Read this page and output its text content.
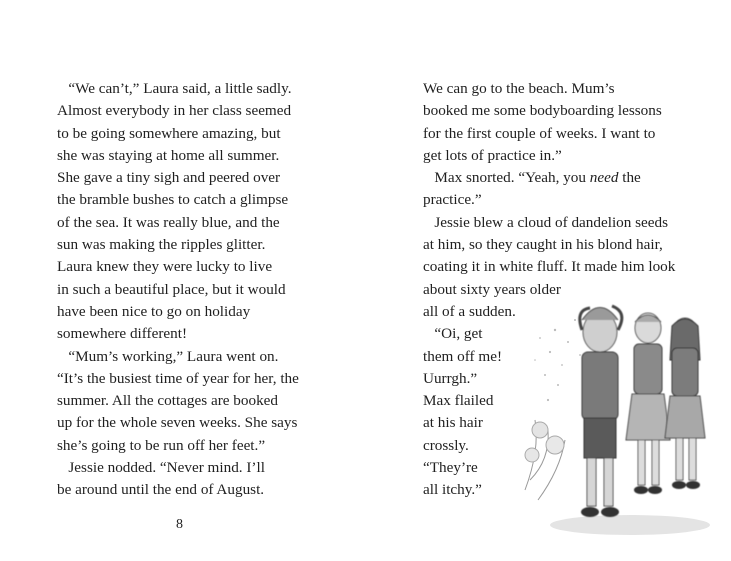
“We can’t,” Laura said, a little sadly.
Almost everybody in her class seemed
to be going somewhere amazing, but
she was staying at home all summer.
She gave a tiny sigh and peered over
the bramble bushes to catch a glimpse
of the sea. It was really blue, and the
sun was making the ripples glitter.
Laura knew they were lucky to live
in such a beautiful place, but it would
have been nice to go on holiday
somewhere different!
“Mum’s working,” Laura went on.
“It’s the busiest time of year for her, the
summer. All the cottages are booked
up for the whole seven weeks. She says
she’s going to be run off her feet.”
Jessie nodded. “Never mind. I’ll
be around until the end of August.
8
We can go to the beach. Mum’s
booked me some bodyboarding lessons
for the first couple of weeks. I want to
get lots of practice in.”
Max snorted. “Yeah, you need the
practice.”
Jessie blew a cloud of dandelion seeds
at him, so they caught in his blond hair,
coating it in white fluff. It made him look
about sixty years older
all of a sudden.
“Oi, get
them off me!
Uurrgh.”
Max flailed
at his hair
crossly.
“They’re
all itchy.”
